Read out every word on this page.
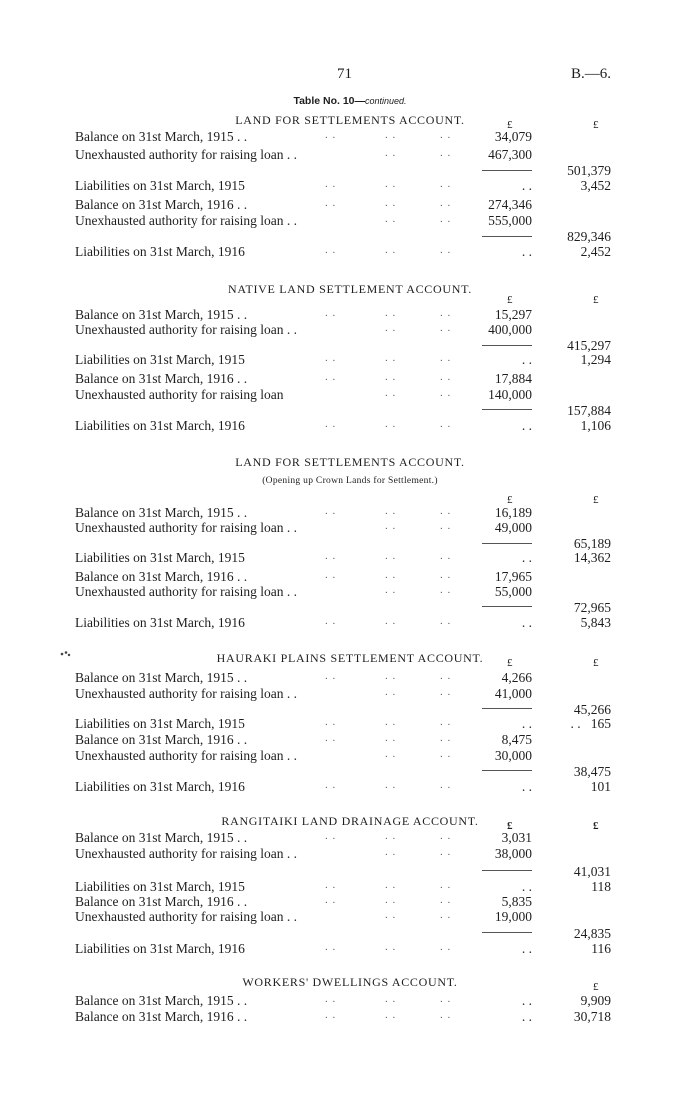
71	B.—6.
Table No. 10—continued.
LAND FOR SETTLEMENTS ACCOUNT.	£	£
Balance on 31st March, 1915 . .	. .	. .	. .	34,079
Unexhausted authority for raising loan . .	. .	. .	467,300
501,379
Liabilities on 31st March, 1915	. .	. .	. .	. .	3,452
Balance on 31st March, 1916 . .	. .	. .	. .	274,346
Unexhausted authority for raising loan . .	. .	. .	555,000
829,346
Liabilities on 31st March, 1916	. .	. .	. .	. .	2,452
NATIVE LAND SETTLEMENT ACCOUNT.
£	£
Balance on 31st March, 1915 . .	. .	. .	. .	15,297
Unexhausted authority for raising loan . .	. .	. .	400,000
415,297
Liabilities on 31st March, 1915	. .	. .	. .	. .	1,294
Balance on 31st March, 1916 . .	. .	. .	. .	17,884
Unexhausted authority for raising loan	. .	. .	140,000
157,884
Liabilities on 31st March, 1916	. .	. .	. .	. .	1,106
LAND FOR SETTLEMENTS ACCOUNT.
(Opening up Crown Lands for Settlement.)
£	£
Balance on 31st March, 1915 . .	. .	. .	. .	16,189
Unexhausted authority for raising loan . .	. .	. .	49,000
65,189
Liabilities on 31st March, 1915	. .	. .	. .	. .	14,362
Balance on 31st March, 1916 . .	. .	. .	. .	17,965
Unexhausted authority for raising loan . .	. .	. .	55,000
72,965
Liabilities on 31st March, 1916	. .	. .	. .	. .	5,843
HAURAKI PLAINS SETTLEMENT ACCOUNT.	£	£
Balance on 31st March, 1915 . .	. .	. .	. .	4,266
Unexhausted authority for raising loan . .	. .	. .	41,000
45,266
Liabilities on 31st March, 1915	. .	. .	. .	. .	. .   165
Balance on 31st March, 1916 . .	. .	. .	. .	8,475
Unexhausted authority for raising loan . .	. .	. .	30,000
38,475
Liabilities on 31st March, 1916	. .	. .	. .	. .	101
RANGITAIKI LAND DRAINAGE ACCOUNT.	£	£
Balance on 31st March, 1915 . .	. .	. .	. .	3,031
Unexhausted authority for raising loan . .	. .	. .	38,000
41,031
Liabilities on 31st March, 1915	. .	. .	. .	. .	118
Balance on 31st March, 1916 . .	. .	. .	. .	5,835
Unexhausted authority for raising loan . .	. .	. .	19,000
24,835
Liabilities on 31st March, 1916	. .	. .	. .	. .	116
WORKERS' DWELLINGS ACCOUNT.	£
Balance on 31st March, 1915 . .	. .	. .	. .	. .	9,909
Balance on 31st March, 1916 . .	. .	. .	. .	. .	30,718
